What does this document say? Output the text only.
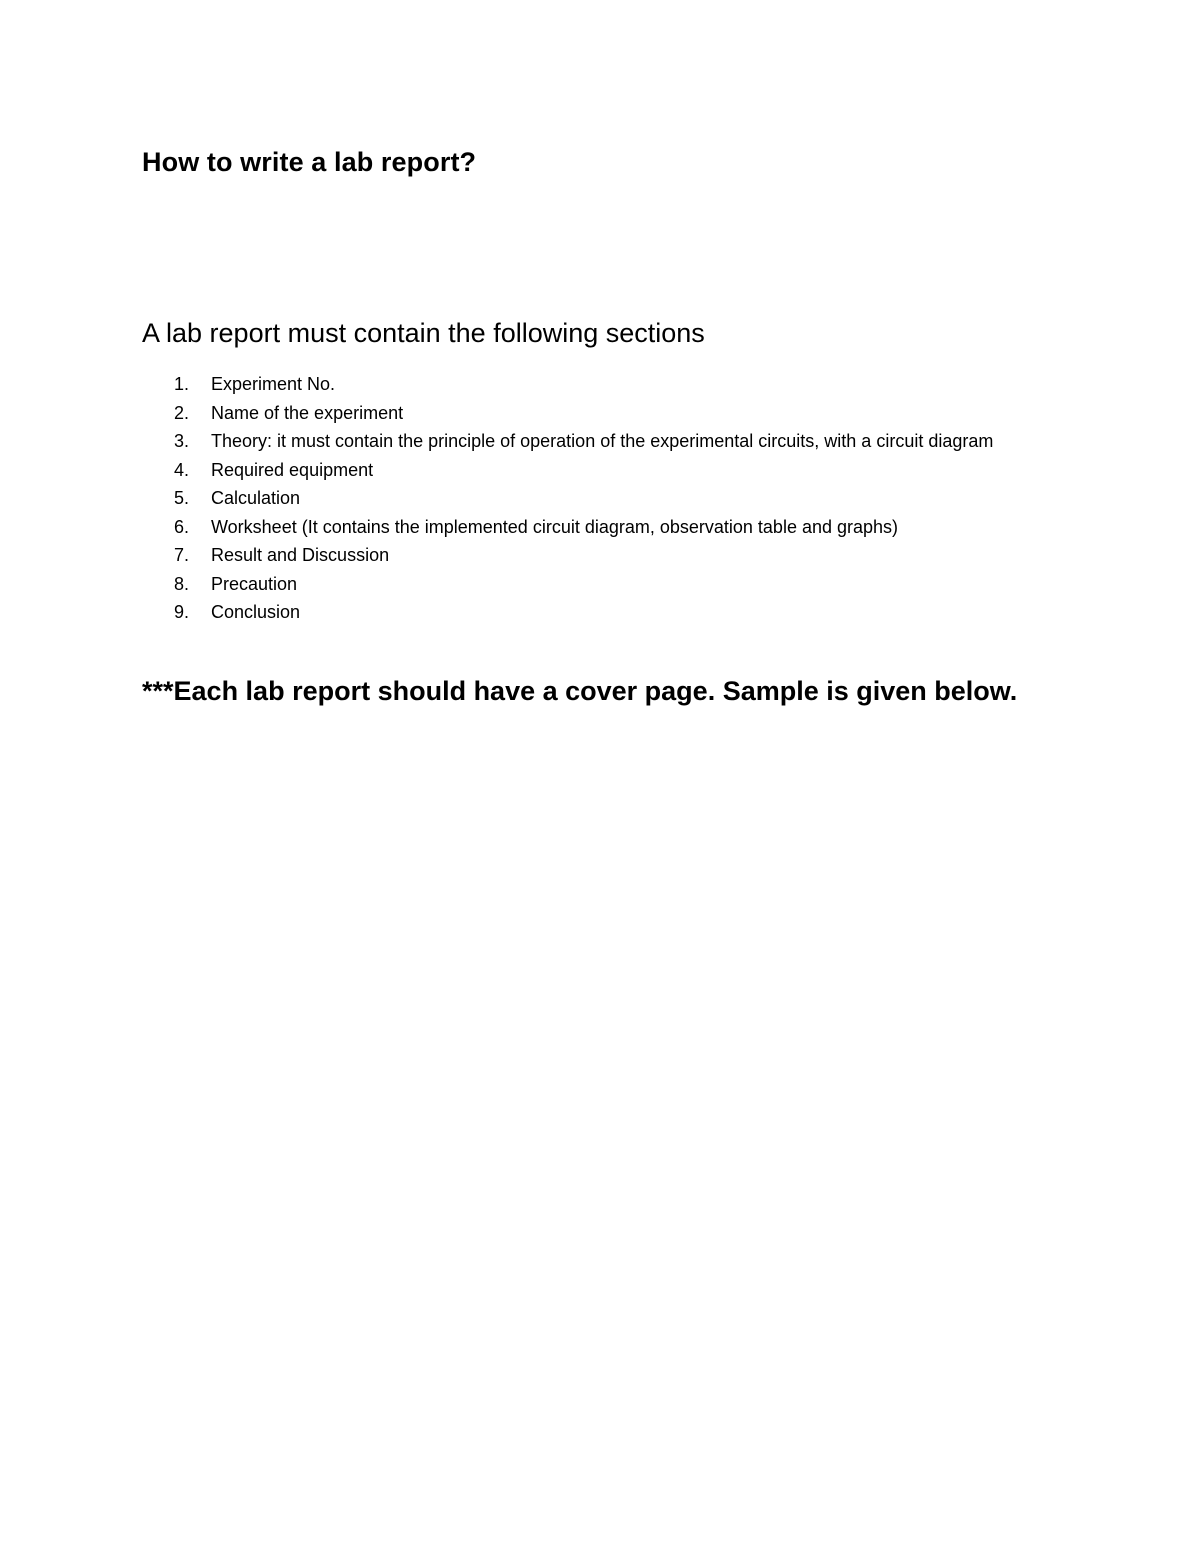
How to write a lab report?
A lab report must contain the following sections
1.	Experiment No.
2.	Name of the experiment
3.	Theory: it must contain the principle of operation of the experimental circuits, with a circuit diagram
4.	Required equipment
5.	Calculation
6.	Worksheet (It contains the implemented circuit diagram, observation table and graphs)
7.	Result and Discussion
8.	Precaution
9.	Conclusion

***Each lab report should have a cover page. Sample is given below.
